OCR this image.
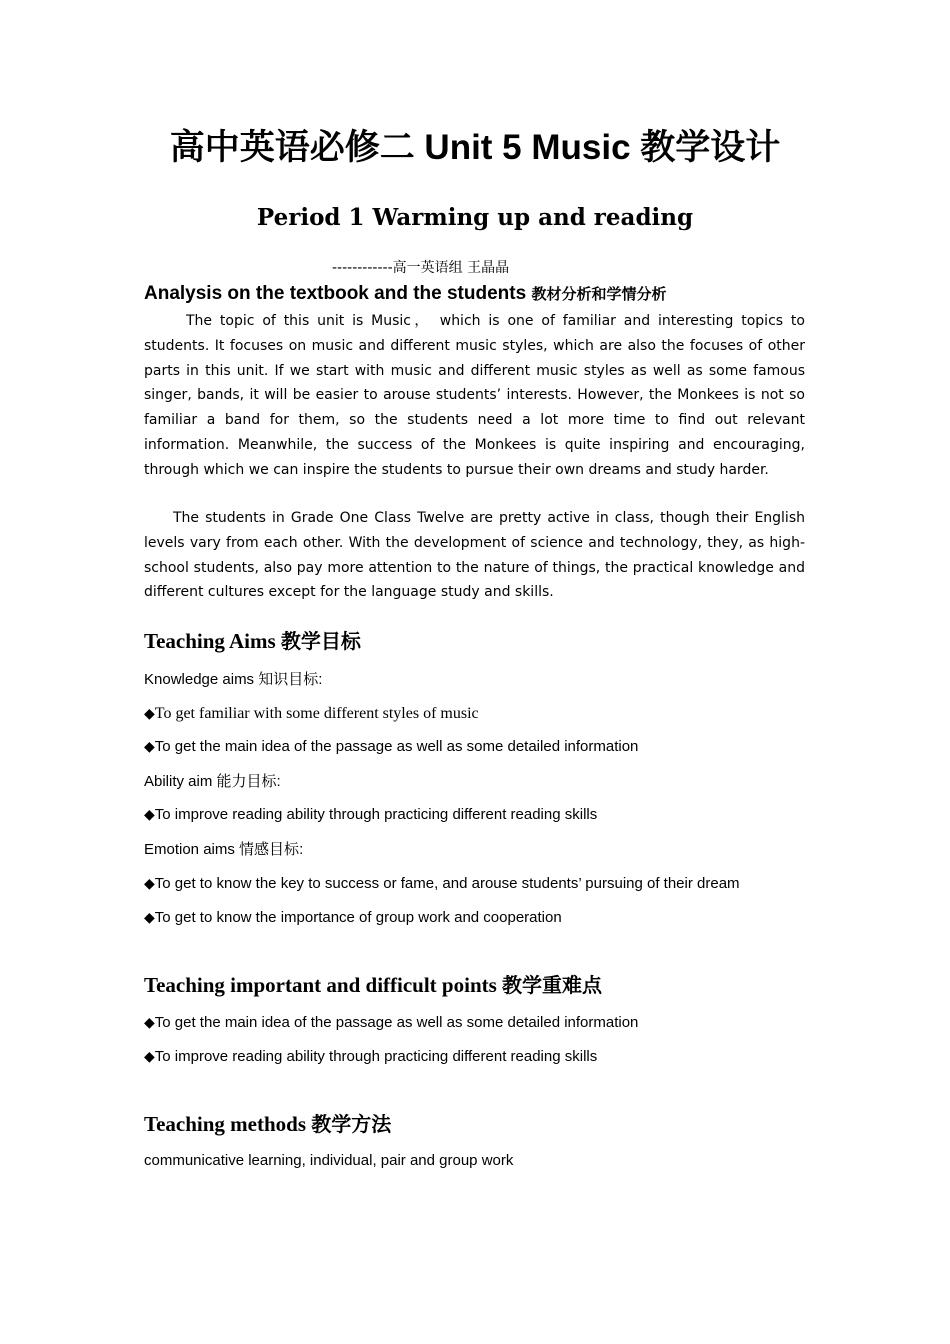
高中英语必修二 Unit 5 Music 教学设计
Period 1 Warming up and reading
------------高一英语组 王晶晶
Analysis on the textbook and the students 教材分析和学情分析

The topic of this unit is Music， which is one of familiar and interesting topics to students. It focuses on music and different music styles, which are also the focuses of other parts in this unit. If we start with music and different music styles as well as some famous singer, bands, it will be easier to arouse students’ interests. However, the Monkees is not so familiar a band for them, so the students need a lot more time to find out relevant information. Meanwhile, the success of the Monkees is quite inspiring and encouraging, through which we can inspire the students to pursue their own dreams and study harder.

The students in Grade One Class Twelve are pretty active in class, though their English levels vary from each other. With the development of science and technology, they, as high-school students, also pay more attention to the nature of things, the practical knowledge and different cultures except for the language study and skills.

Teaching Aims 教学目标
Knowledge aims 知识目标:
◆To get familiar with some different styles of music
◆To get the main idea of the passage as well as some detailed information
Ability aim 能力目标:
◆To improve reading ability through practicing different reading skills
Emotion aims 情感目标:
◆To get to know the key to success or fame, and arouse students’ pursuing of their dream
◆To get to know the importance of group work and cooperation
Teaching important and difficult points 教学重难点
◆To get the main idea of the passage as well as some detailed information
◆To improve reading ability through practicing different reading skills
Teaching methods 教学方法
communicative learning, individual, pair and group work
